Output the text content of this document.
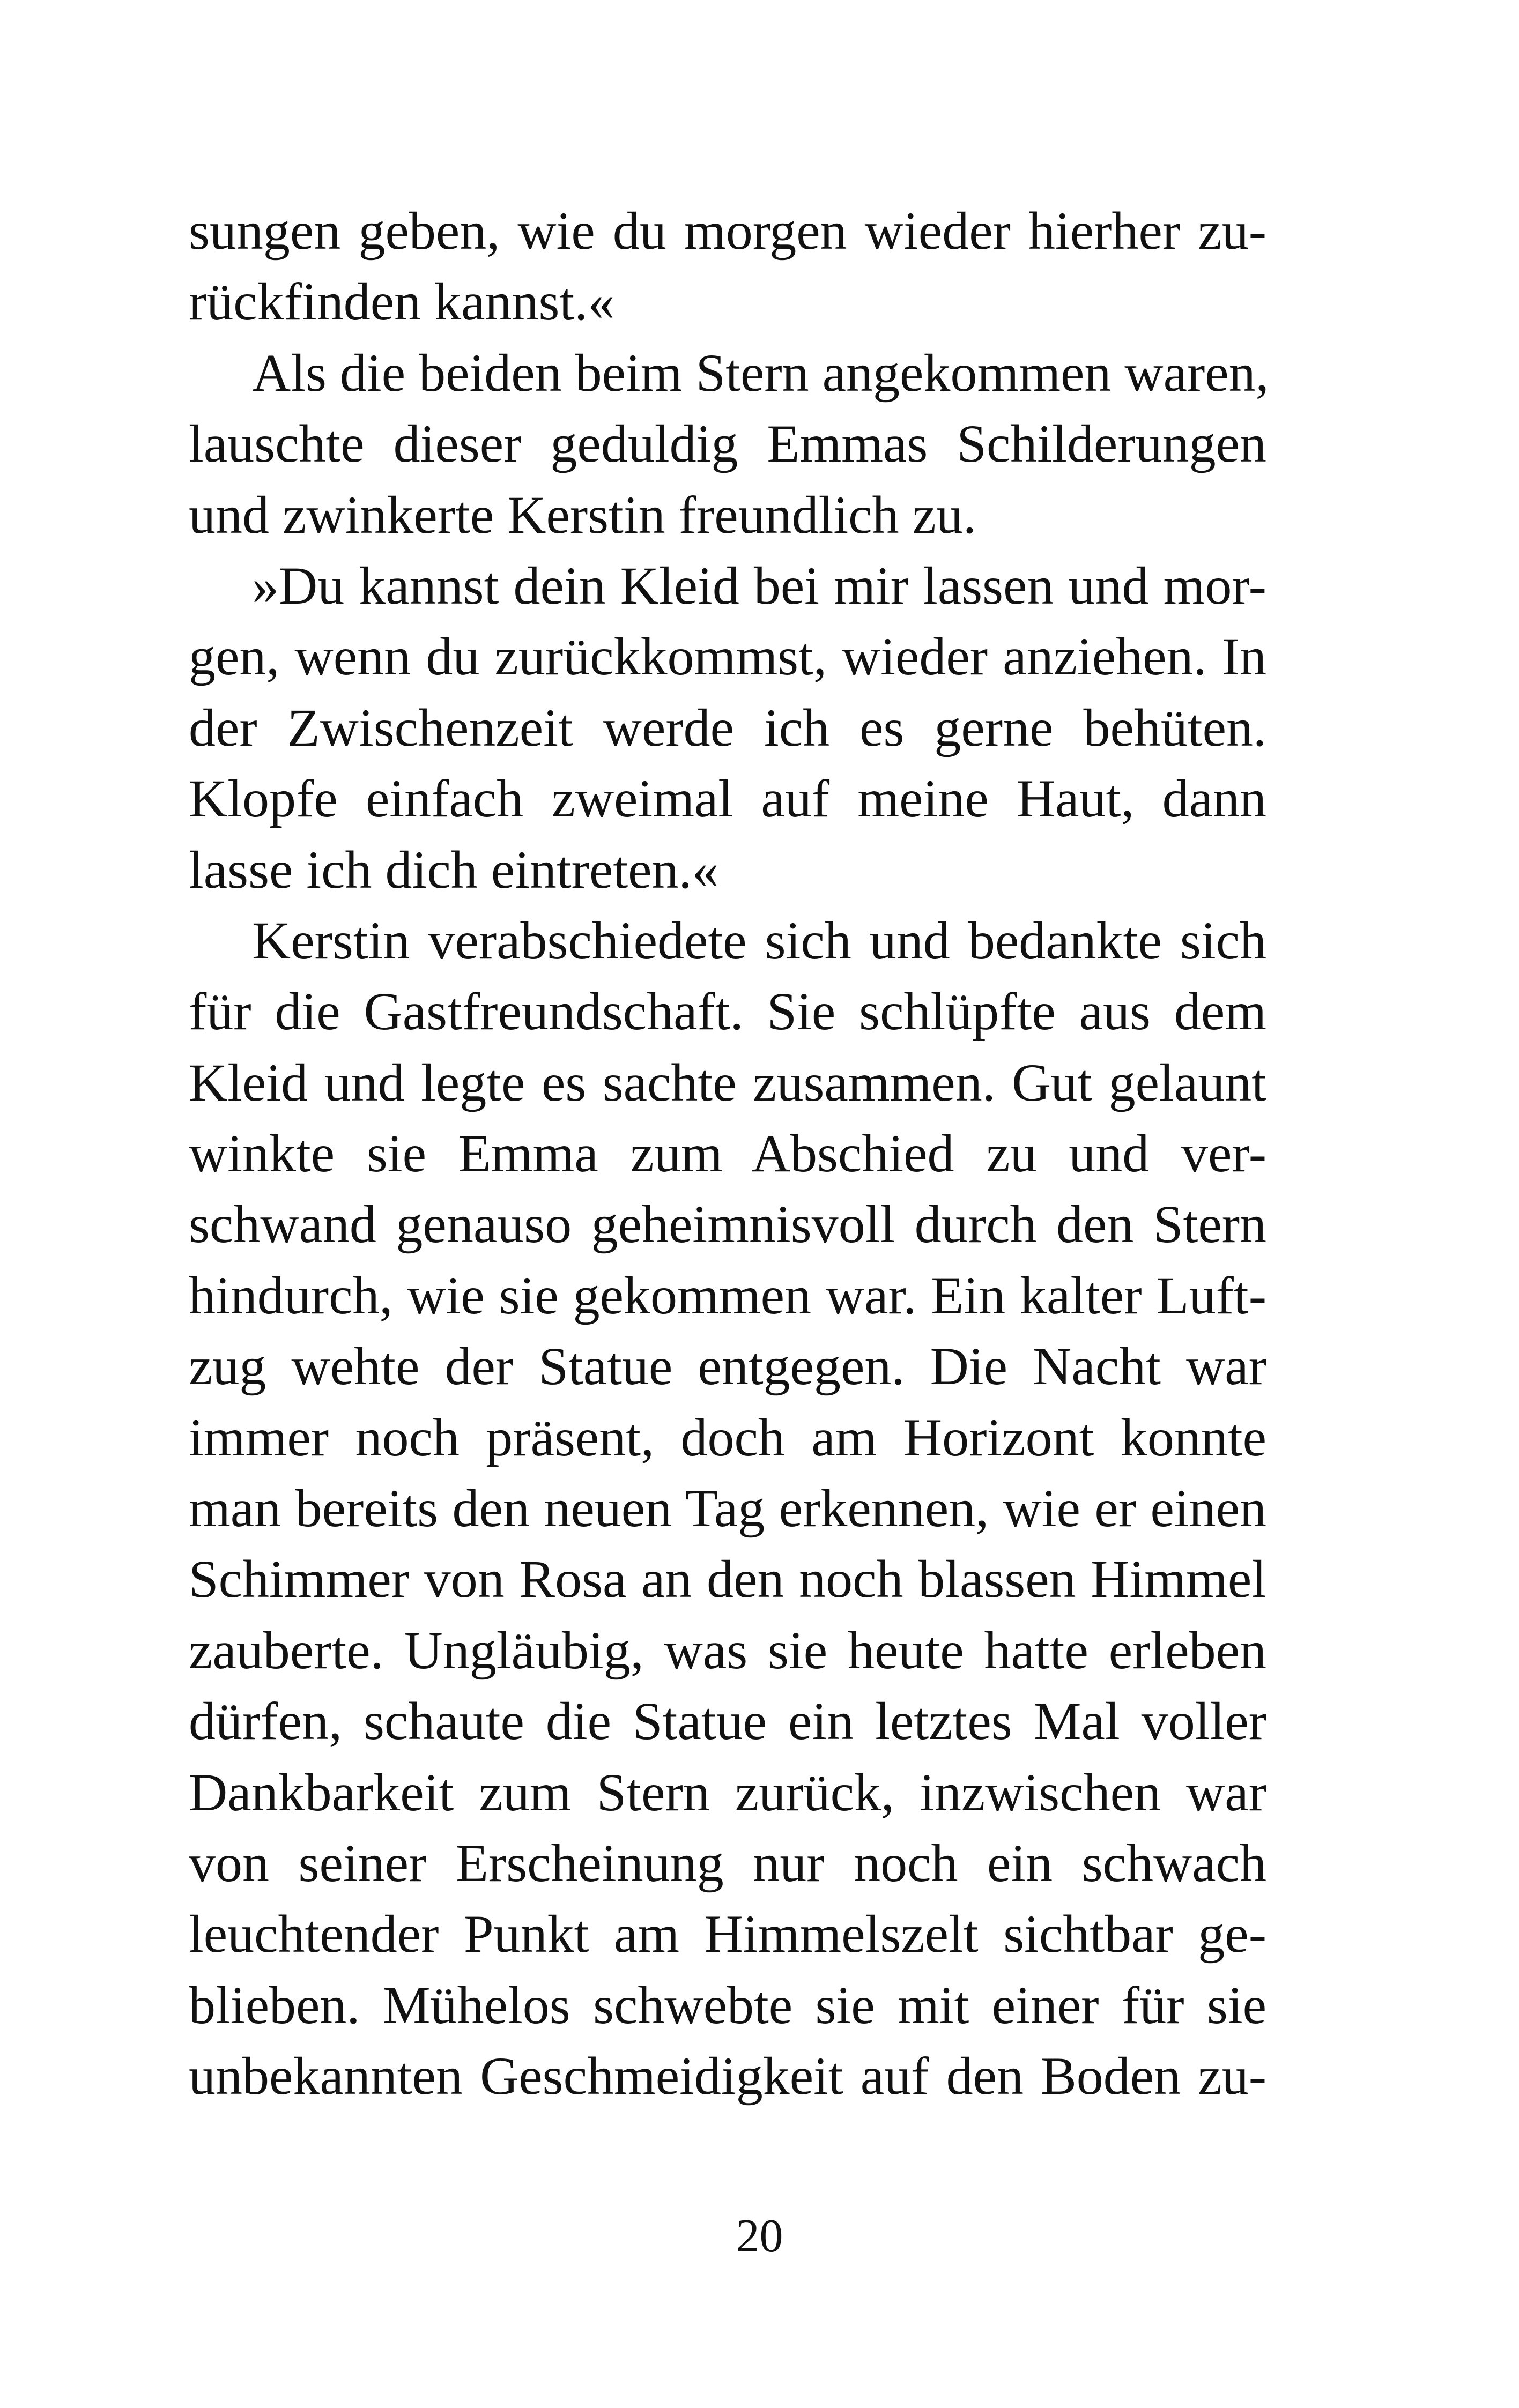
sungen geben, wie du morgen wieder hierher zu-
rückfinden kannst.«
Als die beiden beim Stern angekommen waren,
lauschte dieser geduldig Emmas Schilderungen
und zwinkerte Kerstin freundlich zu.
»Du kannst dein Kleid bei mir lassen und mor-
gen, wenn du zurückkommst, wieder anziehen. In
der Zwischenzeit werde ich es gerne behüten.
Klopfe einfach zweimal auf meine Haut, dann
lasse ich dich eintreten.«
Kerstin verabschiedete sich und bedankte sich
für die Gastfreundschaft. Sie schlüpfte aus dem
Kleid und legte es sachte zusammen. Gut gelaunt
winkte sie Emma zum Abschied zu und ver-
schwand genauso geheimnisvoll durch den Stern
hindurch, wie sie gekommen war. Ein kalter Luft-
zug wehte der Statue entgegen. Die Nacht war
immer noch präsent, doch am Horizont konnte
man bereits den neuen Tag erkennen, wie er einen
Schimmer von Rosa an den noch blassen Himmel
zauberte. Ungläubig, was sie heute hatte erleben
dürfen, schaute die Statue ein letztes Mal voller
Dankbarkeit zum Stern zurück, inzwischen war
von seiner Erscheinung nur noch ein schwach
leuchtender Punkt am Himmelszelt sichtbar ge-
blieben. Mühelos schwebte sie mit einer für sie
unbekannten Geschmeidigkeit auf den Boden zu-
20
